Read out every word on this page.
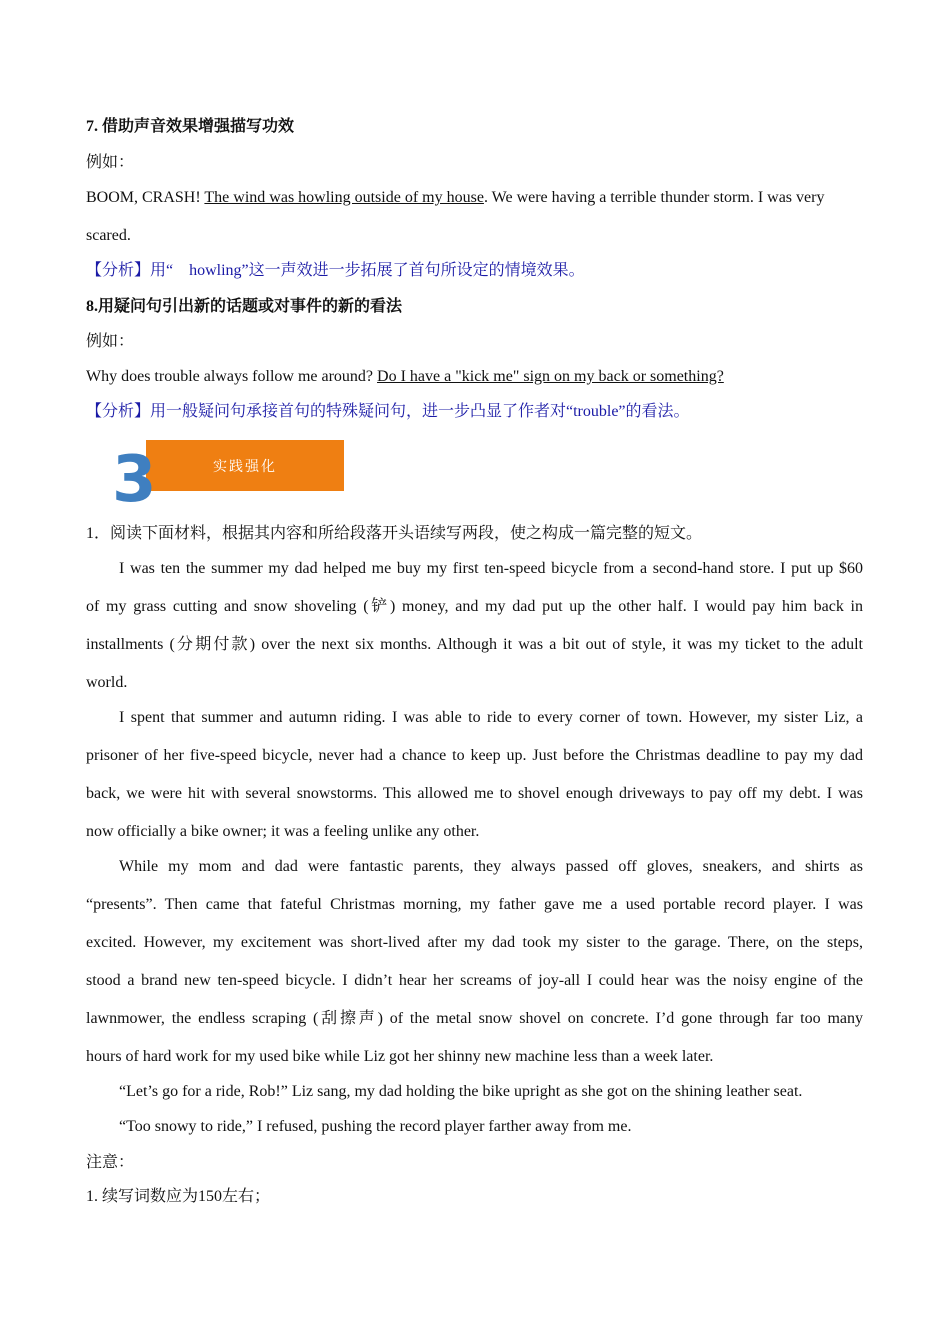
7. 借助声音效果增强描写功效
例如：
BOOM, CRASH! The wind was howling outside of my house. We were having a terrible thunder storm. I was very
scared.
【分析】用“　howling”这一声效进一步拓展了首句所设定的情境效果。
8.用疑问句引出新的话题或对事件的新的看法
例如：
Why does trouble always follow me around? Do I have a "kick me" sign on my back or something?
【分析】用一般疑问句承接首句的特殊疑问句，进一步凸显了作者对“trouble”的看法。
实践强化
3
1．阅读下面材料，根据其内容和所给段落开头语续写两段，使之构成一篇完整的短文。
I was ten the summer my dad helped me buy my first ten-speed bicycle from a second-hand store. I put up $60
of my grass cutting and snow shoveling (铲) money, and my dad put up the other half. I would pay him back in
installments (分期付款) over the next six months. Although it was a bit out of style, it was my ticket to the adult
world.
I spent that summer and autumn riding. I was able to ride to every corner of town. However, my sister Liz, a
prisoner of her five-speed bicycle, never had a chance to keep up. Just before the Christmas deadline to pay my dad
back, we were hit with several snowstorms. This allowed me to shovel enough driveways to pay off my debt. I was
now officially a bike owner; it was a feeling unlike any other.
While my mom and dad were fantastic parents, they always passed off gloves, sneakers, and shirts as
“presents”. Then came that fateful Christmas morning, my father gave me a used portable record player. I was
excited. However, my excitement was short-lived after my dad took my sister to the garage. There, on the steps,
stood a brand new ten-speed bicycle. I didn’t hear her screams of joy-all I could hear was the noisy engine of the
lawnmower, the endless scraping (刮擦声) of the metal snow shovel on concrete. I’d gone through far too many
hours of hard work for my used bike while Liz got her shinny new machine less than a week later.
“Let’s go for a ride, Rob!” Liz sang, my dad holding the bike upright as she got on the shining leather seat.
“Too snowy to ride,” I refused, pushing the record player farther away from me.
注意：
1. 续写词数应为150左右；
